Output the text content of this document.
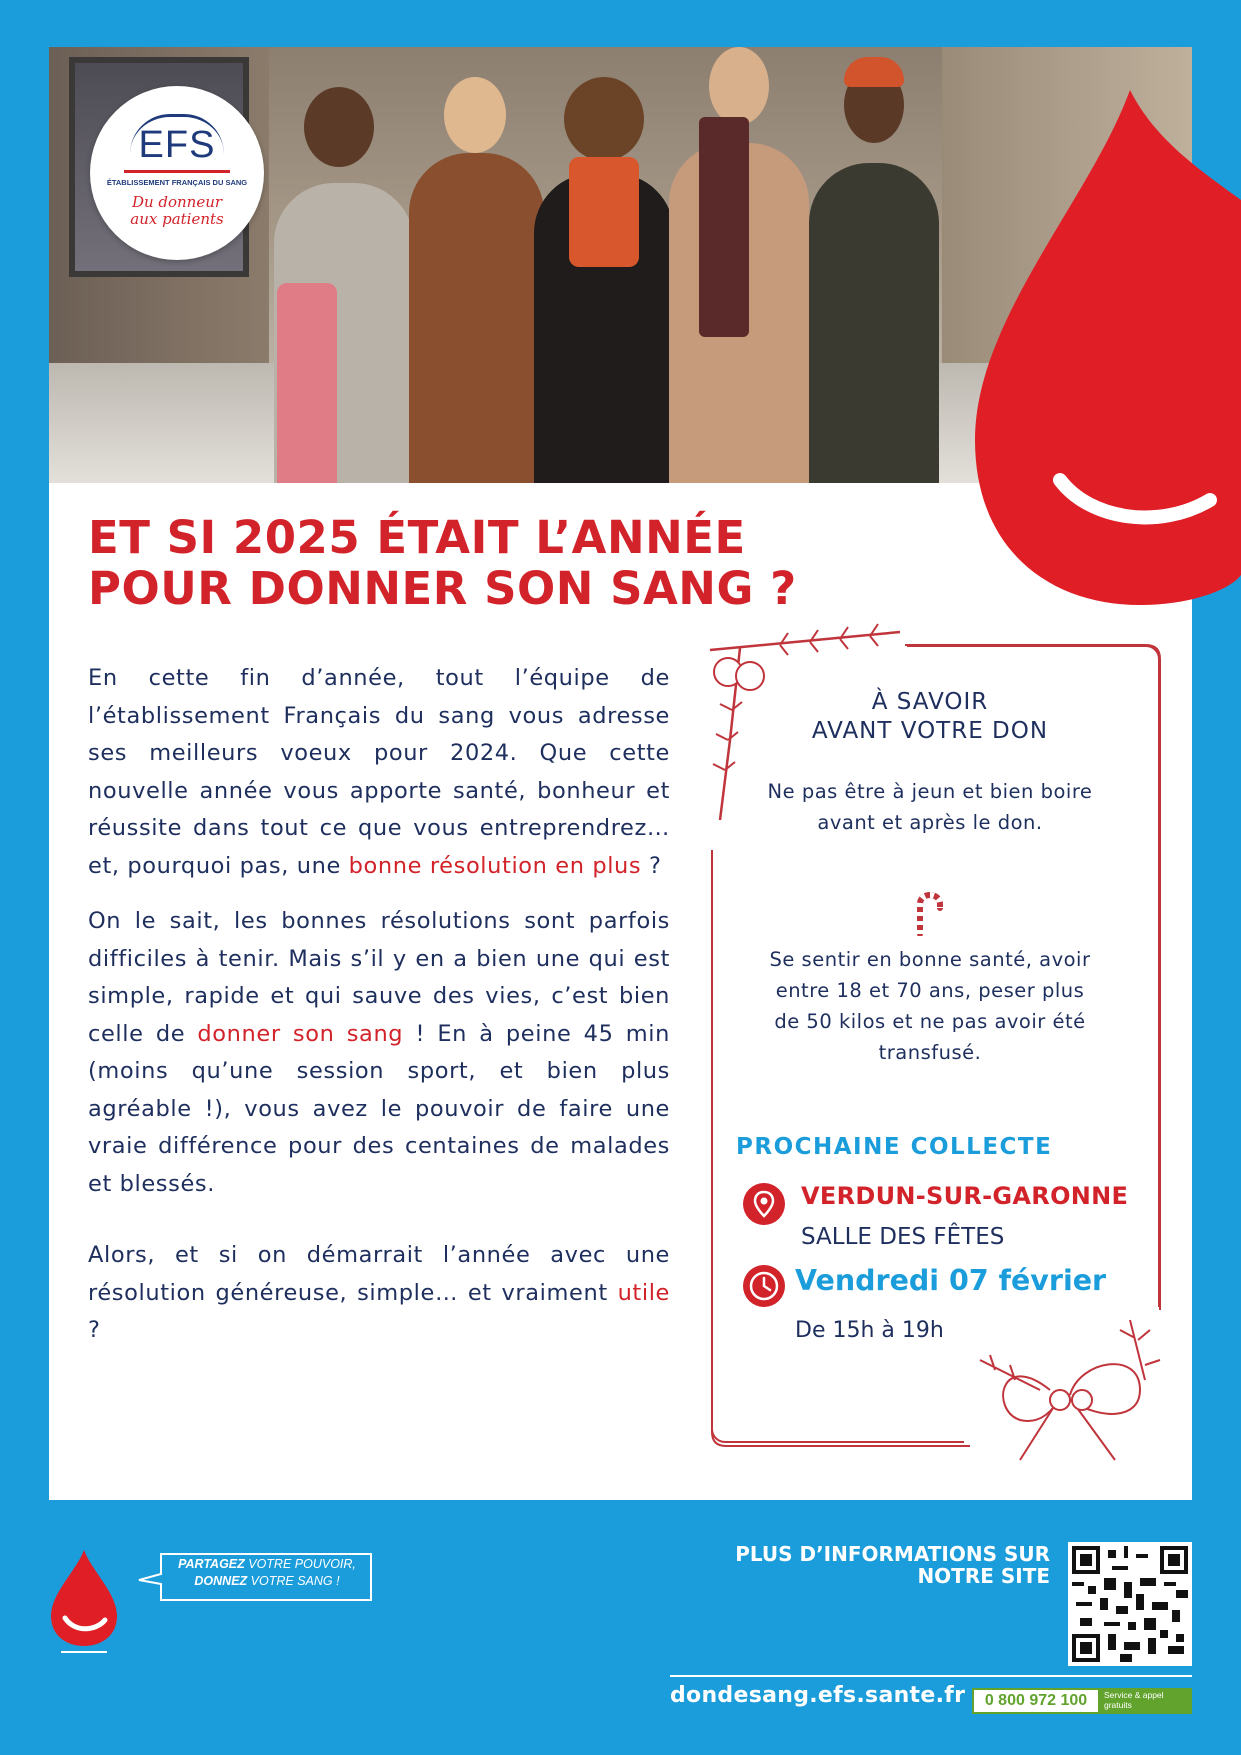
EFS
ÉTABLISSEMENT FRANÇAIS DU SANG
Du donneur
aux patients
ET SI 2025 ÉTAIT L’ANNÉE
POUR DONNER SON SANG ?

En cette fin d’année, tout l’équipe de l’établissement Français du sang vous adresse ses meilleurs voeux pour 2024. Que cette nouvelle année vous apporte santé, bonheur et réussite dans tout ce que vous entreprendrez… et, pourquoi pas, une bonne résolution en plus ?

On le sait, les bonnes résolutions sont parfois difficiles à tenir. Mais s’il y en a bien une qui est simple, rapide et qui sauve des vies, c’est bien celle de donner son sang ! En à peine 45 min (moins qu’une session sport, et bien plus agréable !), vous avez le pouvoir de faire une vraie différence pour des centaines de malades et blessés.

Alors, et si on démarrait l’année avec une résolution généreuse, simple… et vraiment utile ?

À SAVOIR
AVANT VOTRE DON
Ne pas être à jeun et bien boire avant et après le don.
Se sentir en bonne santé, avoir entre 18 et 70 ans, peser plus de 50 kilos et ne pas avoir été transfusé.
PROCHAINE COLLECTE
VERDUN-SUR-GARONNE
SALLE DES FÊTES
Vendredi 07 février
De 15h à 19h
PARTAGEZ VOTRE POUVOIR,
DONNEZ VOTRE SANG !
PLUS D’INFORMATIONS SUR
NOTRE SITE
dondesang.efs.sante.fr	0 800 972 100	Service & appel gratuits
